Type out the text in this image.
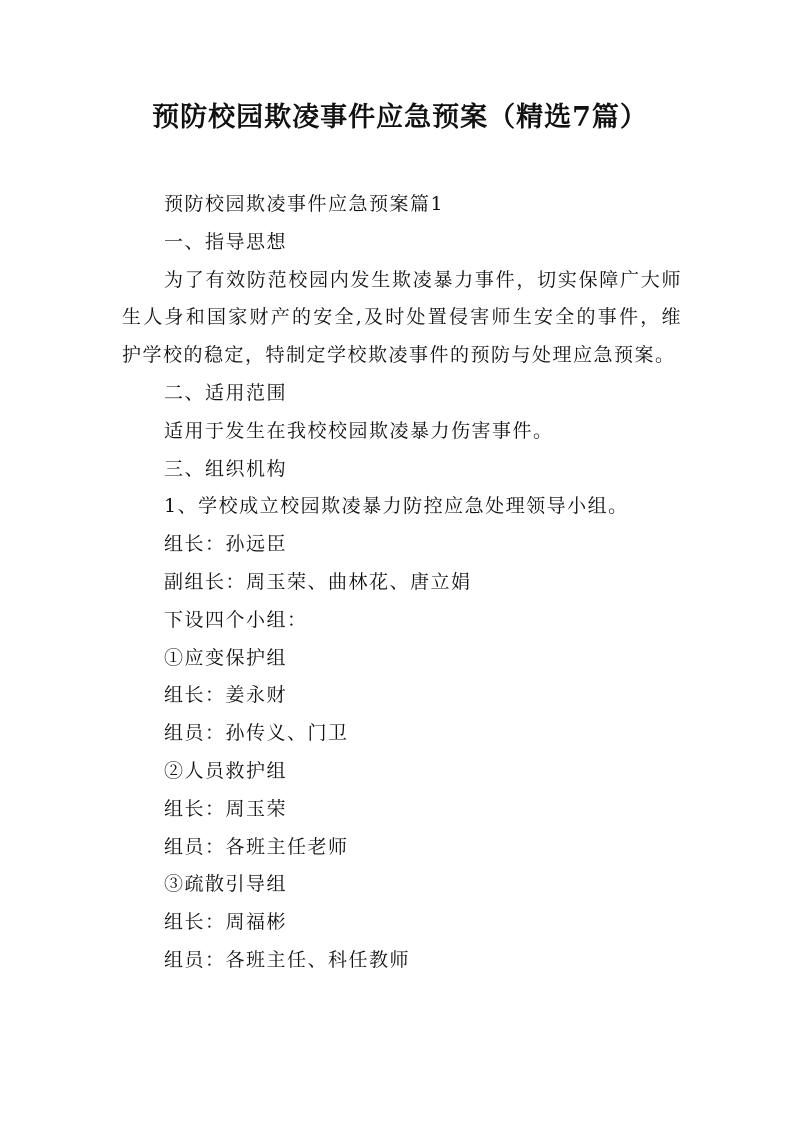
预防校园欺凌事件应急预案（精选7篇）

预防校园欺凌事件应急预案篇1

一、指导思想

为了有效防范校园内发生欺凌暴力事件，切实保障广大师生人身和国家财产的安全,及时处置侵害师生安全的事件，维护学校的稳定，特制定学校欺凌事件的预防与处理应急预案。

二、适用范围

适用于发生在我校校园欺凌暴力伤害事件。

三、组织机构

1、学校成立校园欺凌暴力防控应急处理领导小组。

组长：孙远臣

副组长：周玉荣、曲林花、唐立娟

下设四个小组：

①应变保护组

组长：姜永财

组员：孙传义、门卫

②人员救护组

组长：周玉荣

组员：各班主任老师

③疏散引导组

组长：周福彬

组员：各班主任、科任教师
